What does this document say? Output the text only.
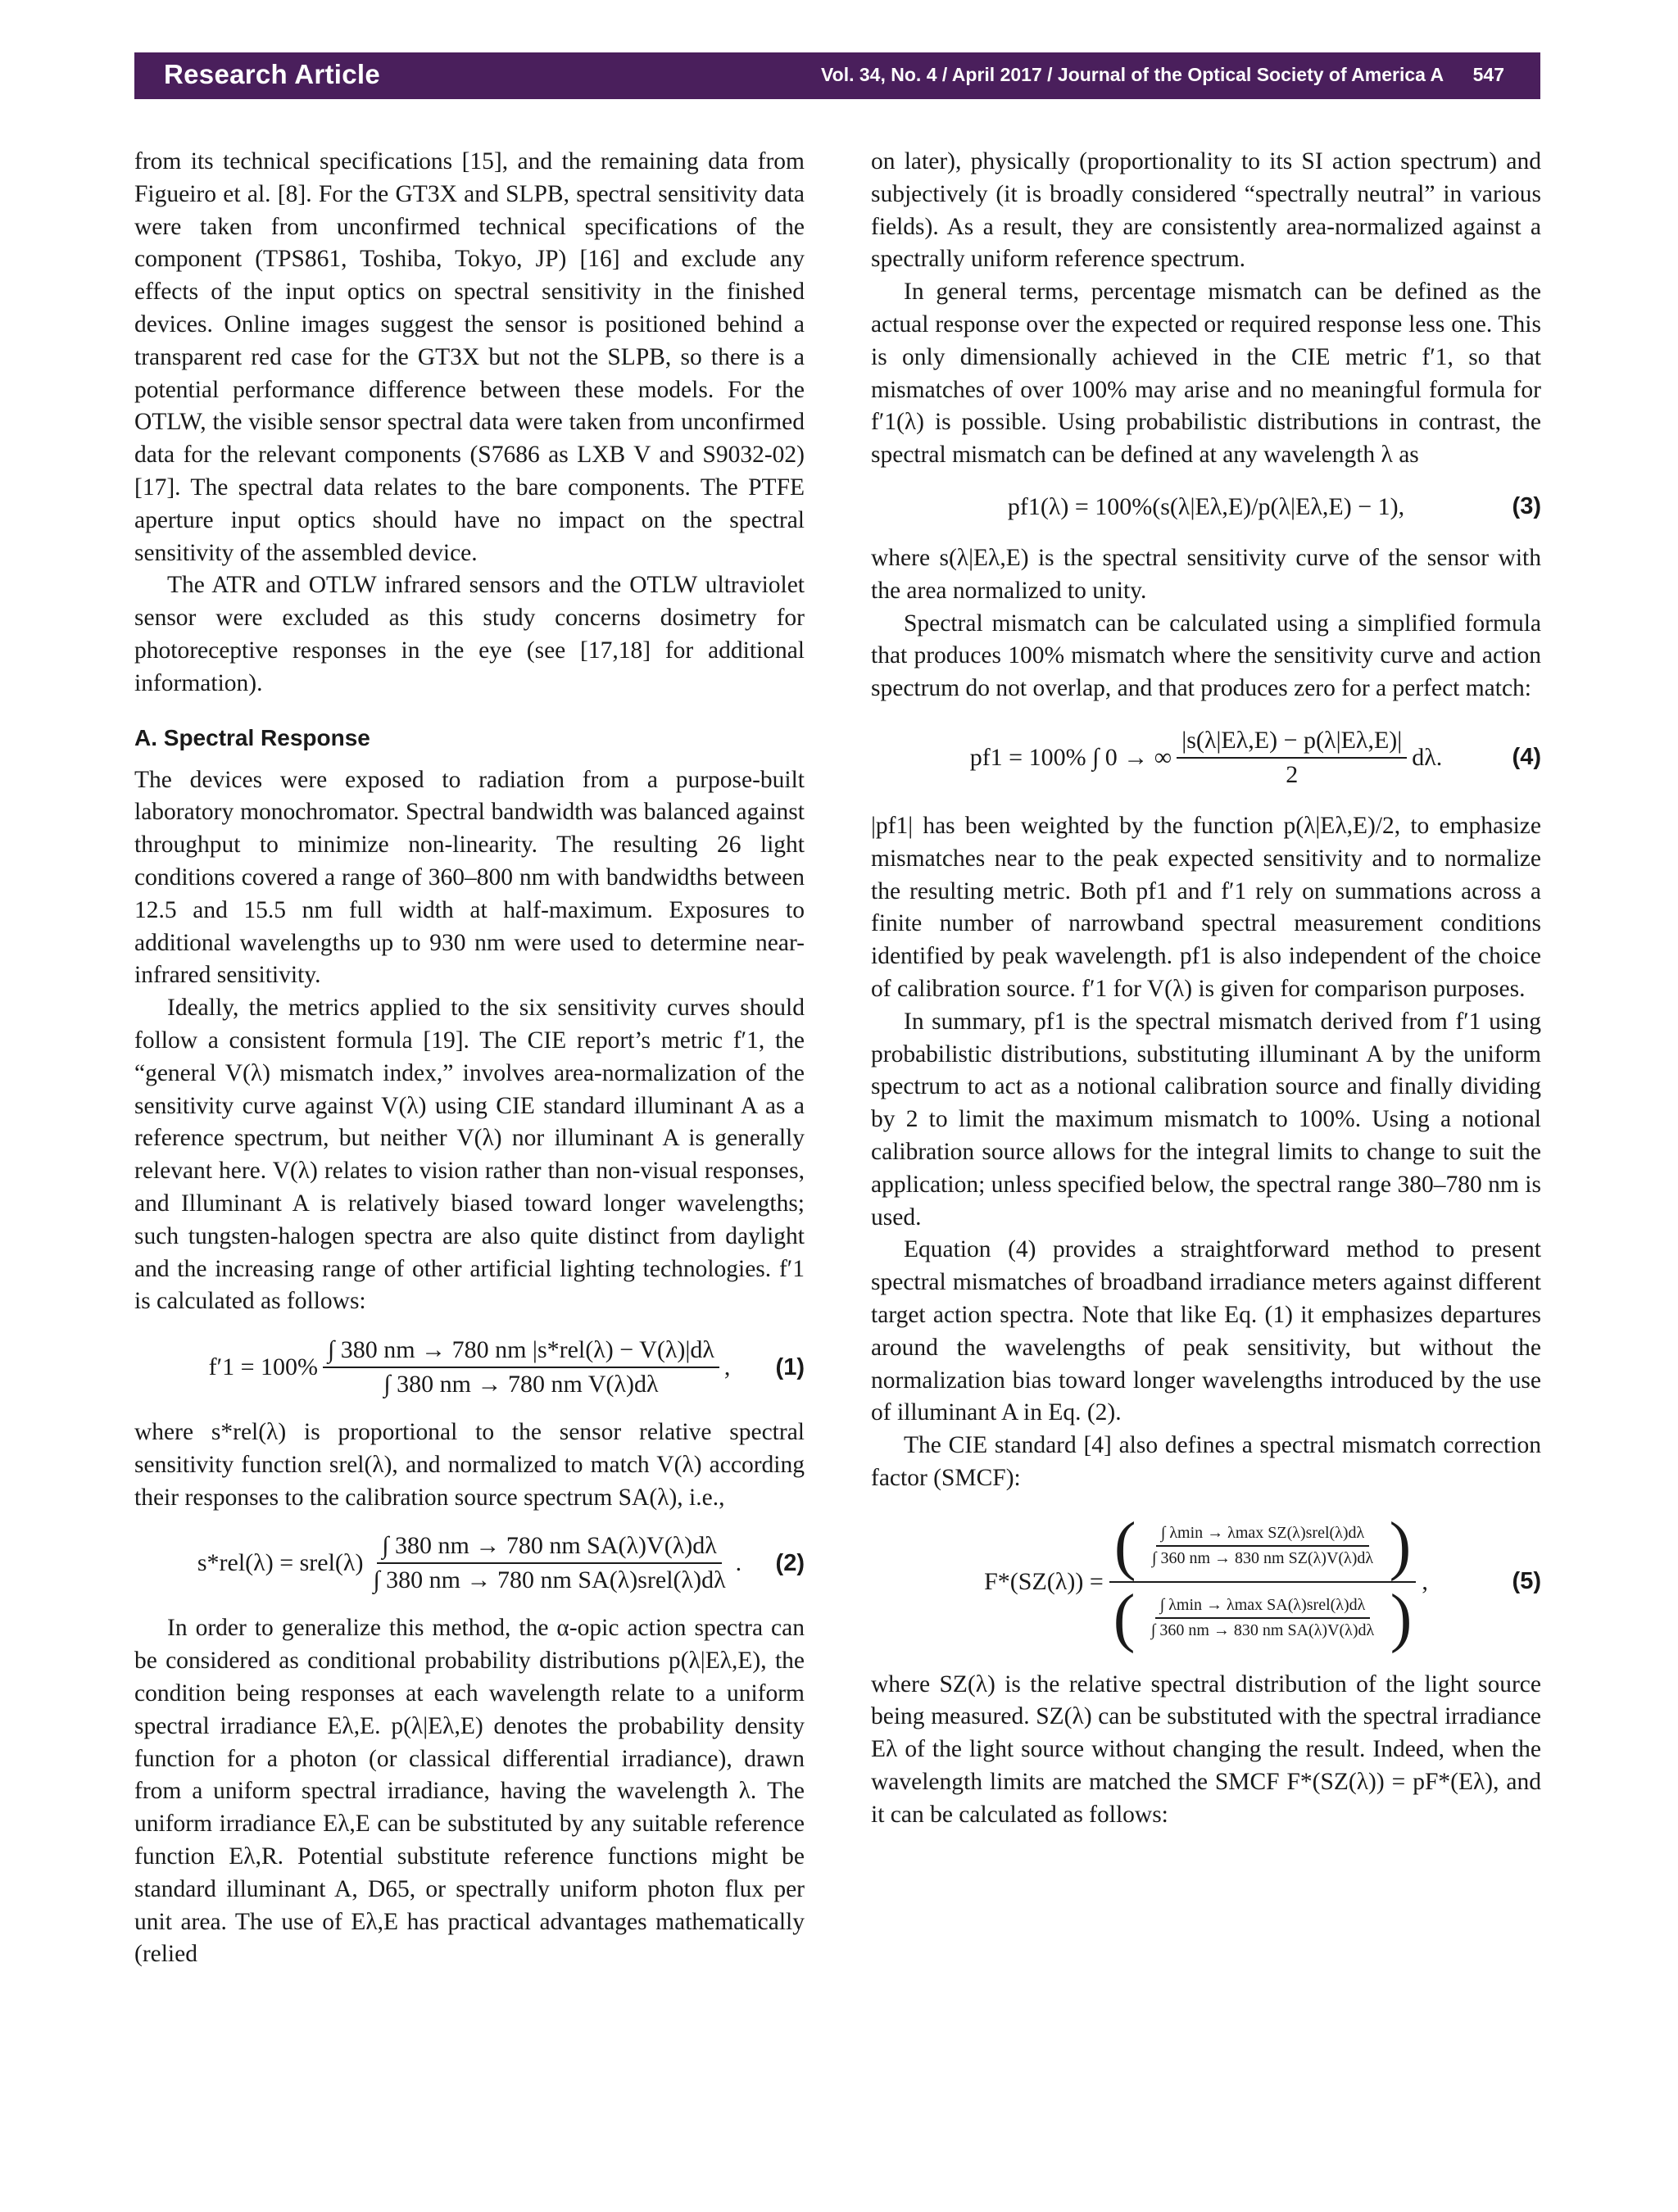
Research Article	Vol. 34, No. 4 / April 2017 / Journal of the Optical Society of America A 547

from its technical specifications [15], and the remaining data from Figueiro et al. [8]. For the GT3X and SLPB, spectral sensitivity data were taken from unconfirmed technical specifications of the component (TPS861, Toshiba, Tokyo, JP) [16] and exclude any effects of the input optics on spectral sensitivity in the finished devices. Online images suggest the sensor is positioned behind a transparent red case for the GT3X but not the SLPB, so there is a potential performance difference between these models. For the OTLW, the visible sensor spectral data were taken from unconfirmed data for the relevant components (S7686 as LXB V and S9032-02) [17]. The spectral data relates to the bare components. The PTFE aperture input optics should have no impact on the spectral sensitivity of the assembled device.

The ATR and OTLW infrared sensors and the OTLW ultraviolet sensor were excluded as this study concerns dosimetry for photoreceptive responses in the eye (see [17,18] for additional information).

A. Spectral Response

The devices were exposed to radiation from a purpose-built laboratory monochromator. Spectral bandwidth was balanced against throughput to minimize non-linearity. The resulting 26 light conditions covered a range of 360–800 nm with bandwidths between 12.5 and 15.5 nm full width at half-maximum. Exposures to additional wavelengths up to 930 nm were used to determine near-infrared sensitivity.

Ideally, the metrics applied to the six sensitivity curves should follow a consistent formula [19]. The CIE report’s metric f′1, the “general V(λ) mismatch index,” involves area-normalization of the sensitivity curve against V(λ) using CIE standard illuminant A as a reference spectrum, but neither V(λ) nor illuminant A is generally relevant here. V(λ) relates to vision rather than non-visual responses, and Illuminant A is relatively biased toward longer wavelengths; such tungsten-halogen spectra are also quite distinct from daylight and the increasing range of other artificial lighting technologies. f′1 is calculated as follows:

$f'1 = 100\% \frac{\text{∫ 380 nm → 780 nm |s*rel(λ) − V(λ)|dλ}}{\text{∫ 380 nm → 780 nm V(λ)dλ}}$ , (1)

where s*rel(λ) is proportional to the sensor relative spectral sensitivity function srel(λ), and normalized to match V(λ) according their responses to the calibration source spectrum SA(λ), i.e.,

s*rel(λ) = srel(λ) $\frac{\text{∫ 380 nm → 780 nm SA(λ)V(λ)dλ}}{\text{∫ 380 nm → 780 nm SA(λ)srel(λ)dλ}}$ . (2)

In order to generalize this method, the α-opic action spectra can be considered as conditional probability distributions p(λ|Eλ,E), the condition being responses at each wavelength relate to a uniform spectral irradiance Eλ,E. p(λ|Eλ,E) denotes the probability density function for a photon (or classical differential irradiance), drawn from a uniform spectral irradiance, having the wavelength λ. The uniform irradiance Eλ,E can be substituted by any suitable reference function Eλ,R. Potential substitute reference functions might be standard illuminant A, D65, or spectrally uniform photon flux per unit area. The use of Eλ,E has practical advantages mathematically (relied

on later), physically (proportionality to its SI action spectrum) and subjectively (it is broadly considered “spectrally neutral” in various fields). As a result, they are consistently area-normalized against a spectrally uniform reference spectrum.

In general terms, percentage mismatch can be defined as the actual response over the expected or required response less one. This is only dimensionally achieved in the CIE metric f′1, so that mismatches of over 100% may arise and no meaningful formula for f′1(λ) is possible. Using probabilistic distributions in contrast, the spectral mismatch can be defined at any wavelength λ as

pf1(λ) = 100%(s(λ|Eλ,E)/p(λ|Eλ,E) − 1),	(3)

where s(λ|Eλ,E) is the spectral sensitivity curve of the sensor with the area normalized to unity.

Spectral mismatch can be calculated using a simplified formula that produces 100% mismatch where the sensitivity curve and action spectrum do not overlap, and that produces zero for a perfect match:

pf1 = 100% ∫ 0 → ∞ $\frac{|s(\lambda|E\lambda,E) - p(\lambda|E\lambda,E)|}{2} d\lambda$.	(4)

|pf1| has been weighted by the function p(λ|Eλ,E)/2, to emphasize mismatches near to the peak expected sensitivity and to normalize the resulting metric. Both pf1 and f′1 rely on summations across a finite number of narrowband spectral measurement conditions identified by peak wavelength. pf1 is also independent of the choice of calibration source. f′1 for V(λ) is given for comparison purposes.

In summary, pf1 is the spectral mismatch derived from f′1 using probabilistic distributions, substituting illuminant A by the uniform spectrum to act as a notional calibration source and finally dividing by 2 to limit the maximum mismatch to 100%. Using a notional calibration source allows for the integral limits to change to suit the application; unless specified below, the spectral range 380–780 nm is used.

Equation (4) provides a straightforward method to present spectral mismatches of broadband irradiance meters against different target action spectra. Note that like Eq. (1) it emphasizes departures around the wavelengths of peak sensitivity, but without the normalization bias toward longer wavelengths introduced by the use of illuminant A in Eq. (2).

The CIE standard [4] also defines a spectral mismatch correction factor (SMCF):

F*(SZ(λ)) = ( $\frac{\text{∫ λmin → λmax SZ(λ)srel(λ)dλ}}{\text{∫ 360 nm → 830 nm SZ(λ)V(λ)dλ}}$ )
( $\frac{\text{∫ λmin → λmax SA(λ)srel(λ)dλ}}{\text{∫ 360 nm → 830 nm SA(λ)V(λ)dλ}}$ )
,	(5)

where SZ(λ) is the relative spectral distribution of the light source being measured. SZ(λ) can be substituted with the spectral irradiance Eλ of the light source without changing the result. Indeed, when the wavelength limits are matched the SMCF F*(SZ(λ)) = pF*(Eλ), and it can be calculated as follows:
